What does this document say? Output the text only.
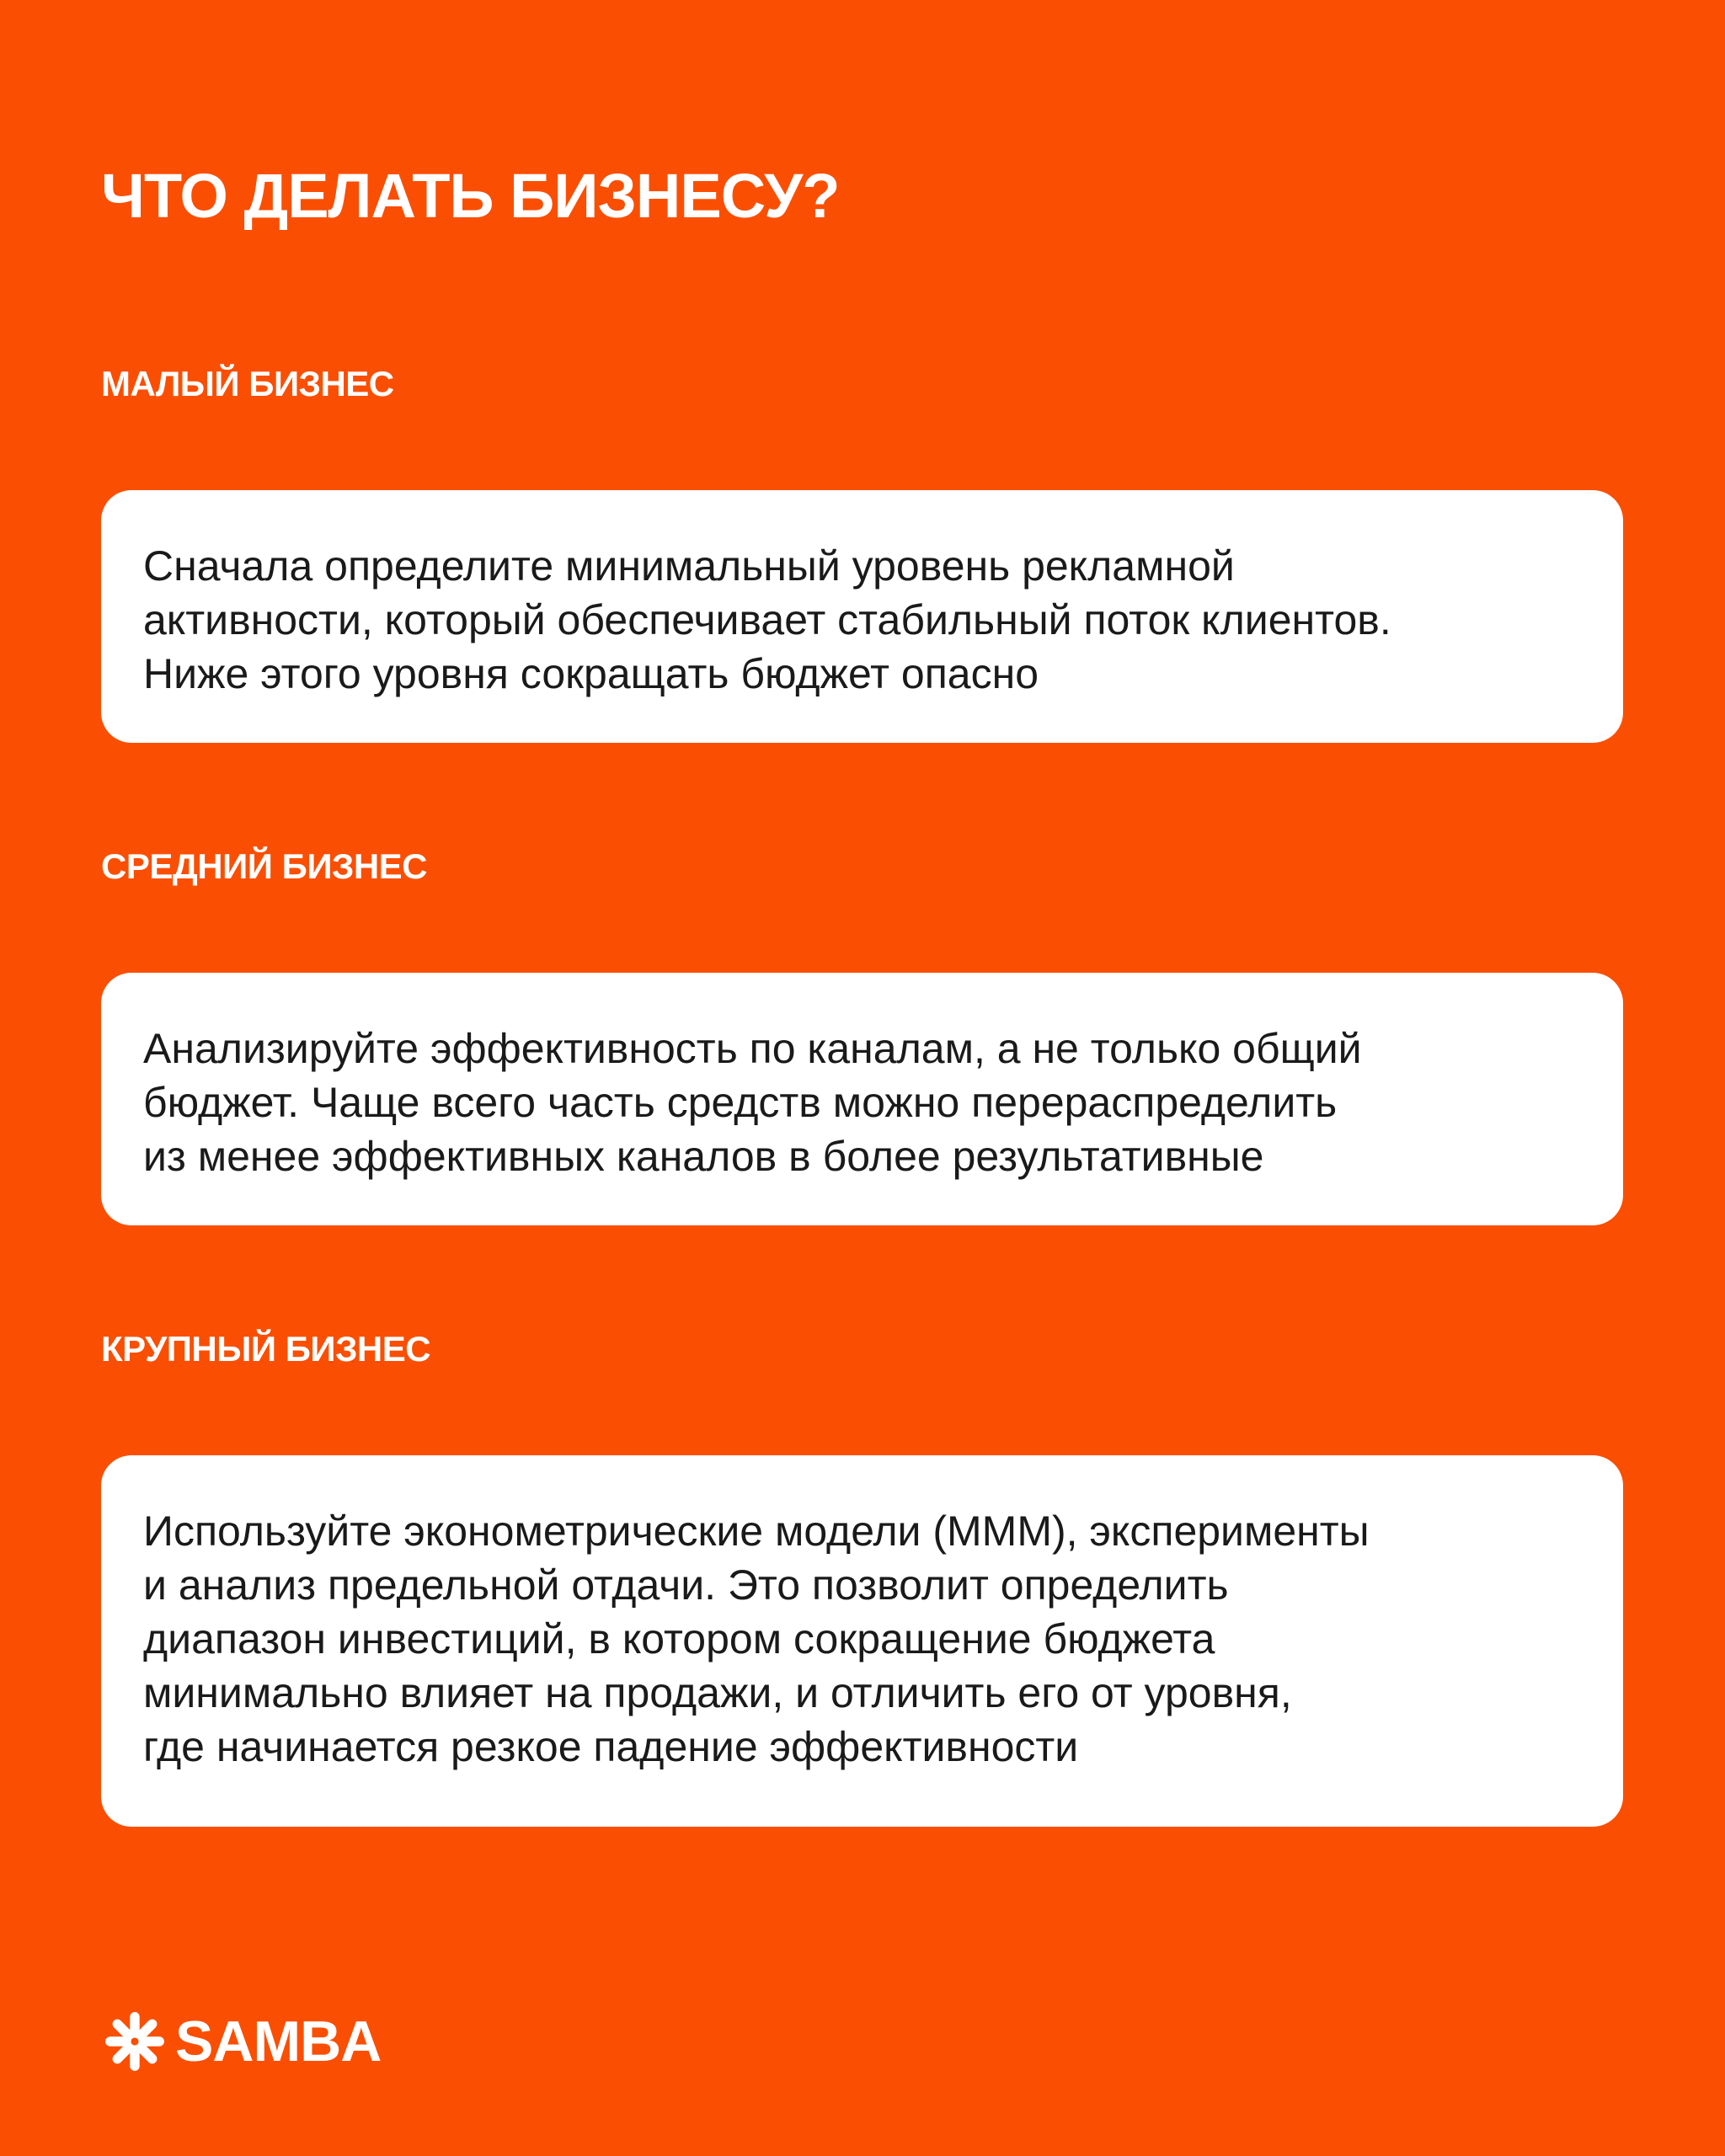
ЧТО ДЕЛАТЬ БИЗНЕСУ?
МАЛЫЙ БИЗНЕС

Сначала определите минимальный уровень рекламной
активности, который обеспечивает стабильный поток клиентов.
Ниже этого уровня сокращать бюджет опасно

СРЕДНИЙ БИЗНЕС

Анализируйте эффективность по каналам, а не только общий
бюджет. Чаще всего часть средств можно перераспределить
из менее эффективных каналов в более результативные

КРУПНЫЙ БИЗНЕС

Используйте эконометрические модели (MMM), эксперименты
и анализ предельной отдачи. Это позволит определить
диапазон инвестиций, в котором сокращение бюджета
минимально влияет на продажи, и отличить его от уровня,
где начинается резкое падение эффективности

SAMBA
